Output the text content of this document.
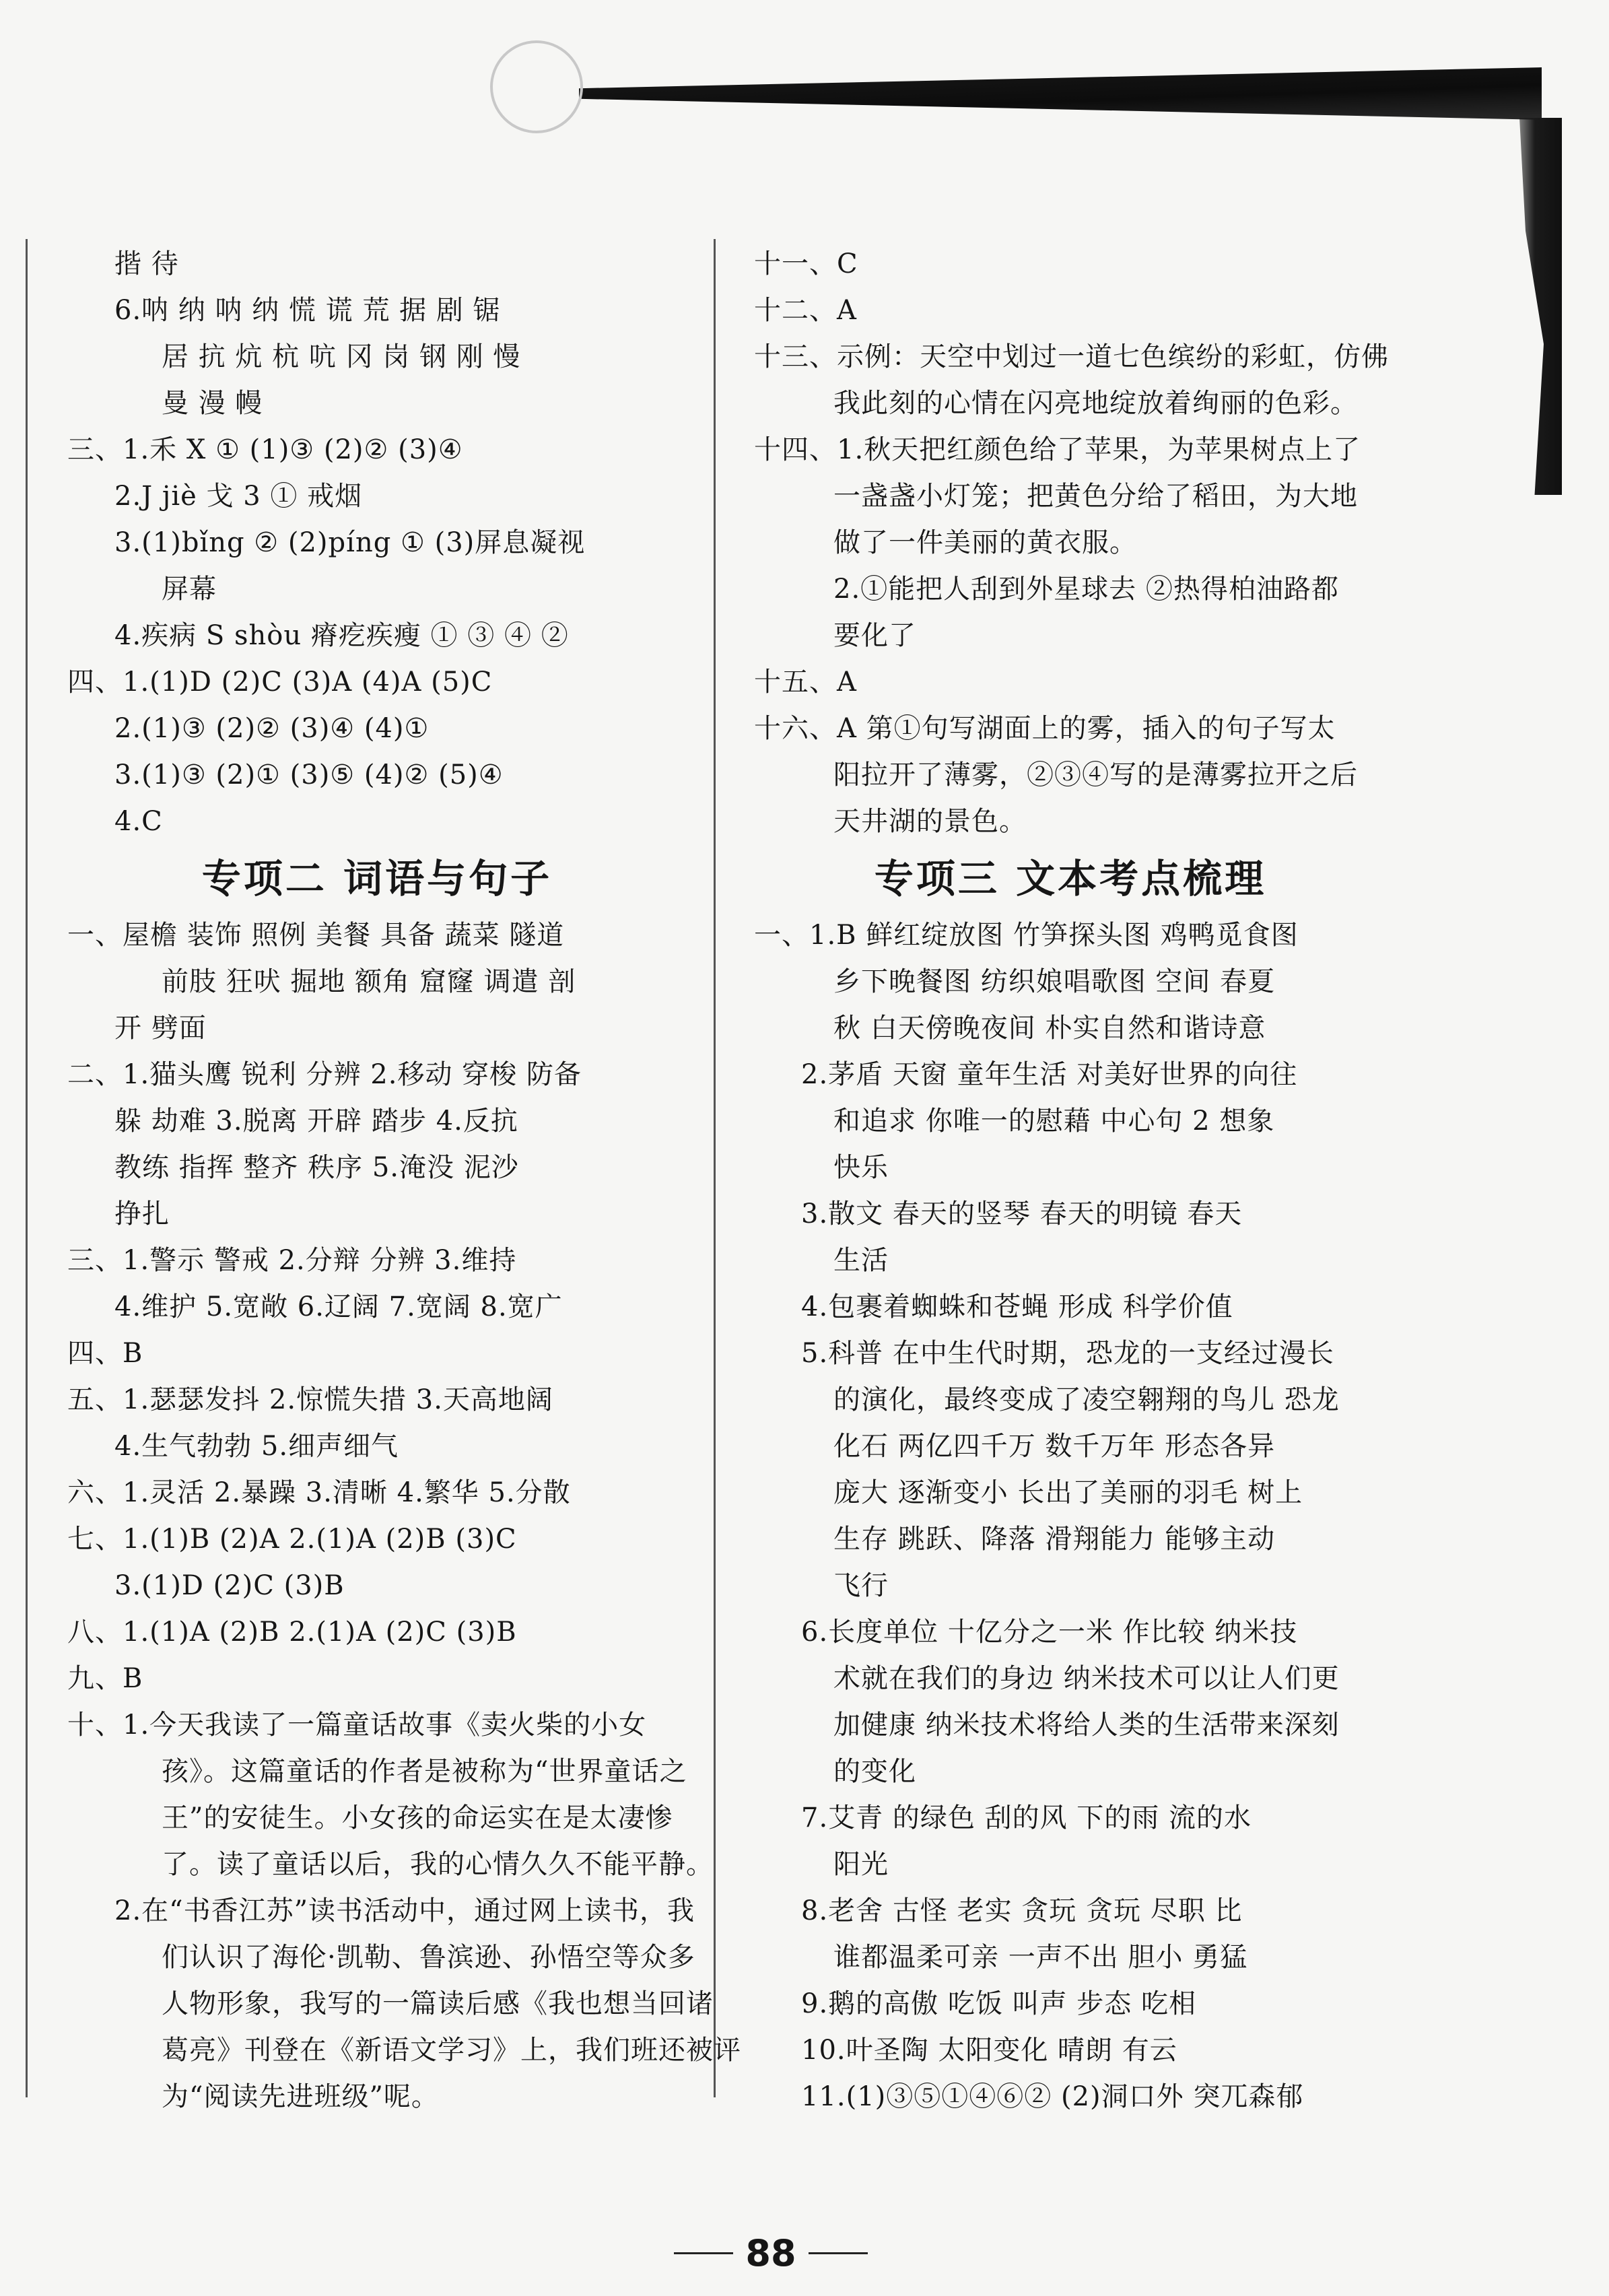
揩 待
6.呐 纳 呐 纳 慌 谎 荒 据 剧 锯
居 抗 炕 杭 吭 冈 岗 钢 刚 慢
曼 漫 幔
三、1.禾 X ① (1)③ (2)② (3)④
2.J jiè 戈 3 ① 戒烟
3.(1)bǐng ② (2)píng ① (3)屏息凝视
屏幕
4.疾病 S shòu 瘠疙疾瘦 ① ③ ④ ②
四、1.(1)D (2)C (3)A (4)A (5)C
2.(1)③ (2)② (3)④ (4)①
3.(1)③ (2)① (3)⑤ (4)② (5)④
4.C
专项二 词语与句子
一、屋檐 装饰 照例 美餐 具备 蔬菜 隧道
前肢 狂吠 掘地 额角 窟窿 调遣 剖
开 劈面
二、1.猫头鹰 锐利 分辨 2.移动 穿梭 防备
躲 劫难 3.脱离 开辟 踏步 4.反抗
教练 指挥 整齐 秩序 5.淹没 泥沙
挣扎
三、1.警示 警戒 2.分辩 分辨 3.维持
4.维护 5.宽敞 6.辽阔 7.宽阔 8.宽广
四、B
五、1.瑟瑟发抖 2.惊慌失措 3.天高地阔
4.生气勃勃 5.细声细气
六、1.灵活 2.暴躁 3.清晰 4.繁华 5.分散
七、1.(1)B (2)A 2.(1)A (2)B (3)C
3.(1)D (2)C (3)B
八、1.(1)A (2)B 2.(1)A (2)C (3)B
九、B
十、1.今天我读了一篇童话故事《卖火柴的小女
孩》。这篇童话的作者是被称为“世界童话之
王”的安徒生。小女孩的命运实在是太凄惨
了。读了童话以后，我的心情久久不能平静。
2.在“书香江苏”读书活动中，通过网上读书，我
们认识了海伦·凯勒、鲁滨逊、孙悟空等众多
人物形象，我写的一篇读后感《我也想当回诸
葛亮》刊登在《新语文学习》上，我们班还被评
为“阅读先进班级”呢。
十一、C
十二、A
十三、示例：天空中划过一道七色缤纷的彩虹，仿佛
我此刻的心情在闪亮地绽放着绚丽的色彩。
十四、1.秋天把红颜色给了苹果，为苹果树点上了
一盏盏小灯笼；把黄色分给了稻田，为大地
做了一件美丽的黄衣服。
2.①能把人刮到外星球去 ②热得柏油路都
要化了
十五、A
十六、A 第①句写湖面上的雾，插入的句子写太
阳拉开了薄雾，②③④写的是薄雾拉开之后
天井湖的景色。
专项三 文本考点梳理
一、1.B 鲜红绽放图 竹笋探头图 鸡鸭觅食图
乡下晚餐图 纺织娘唱歌图 空间 春夏
秋 白天傍晚夜间 朴实自然和谐诗意
2.茅盾 天窗 童年生活 对美好世界的向往
和追求 你唯一的慰藉 中心句 2 想象
快乐
3.散文 春天的竖琴 春天的明镜 春天
生活
4.包裹着蜘蛛和苍蝇 形成 科学价值
5.科普 在中生代时期，恐龙的一支经过漫长
的演化，最终变成了凌空翱翔的鸟儿 恐龙
化石 两亿四千万 数千万年 形态各异
庞大 逐渐变小 长出了美丽的羽毛 树上
生存 跳跃、降落 滑翔能力 能够主动
飞行
6.长度单位 十亿分之一米 作比较 纳米技
术就在我们的身边 纳米技术可以让人们更
加健康 纳米技术将给人类的生活带来深刻
的变化
7.艾青 的绿色 刮的风 下的雨 流的水
阳光
8.老舍 古怪 老实 贪玩 贪玩 尽职 比
谁都温柔可亲 一声不出 胆小 勇猛
9.鹅的高傲 吃饭 叫声 步态 吃相
10.叶圣陶 太阳变化 晴朗 有云
11.(1)③⑤①④⑥② (2)洞口外 突兀森郁
88
